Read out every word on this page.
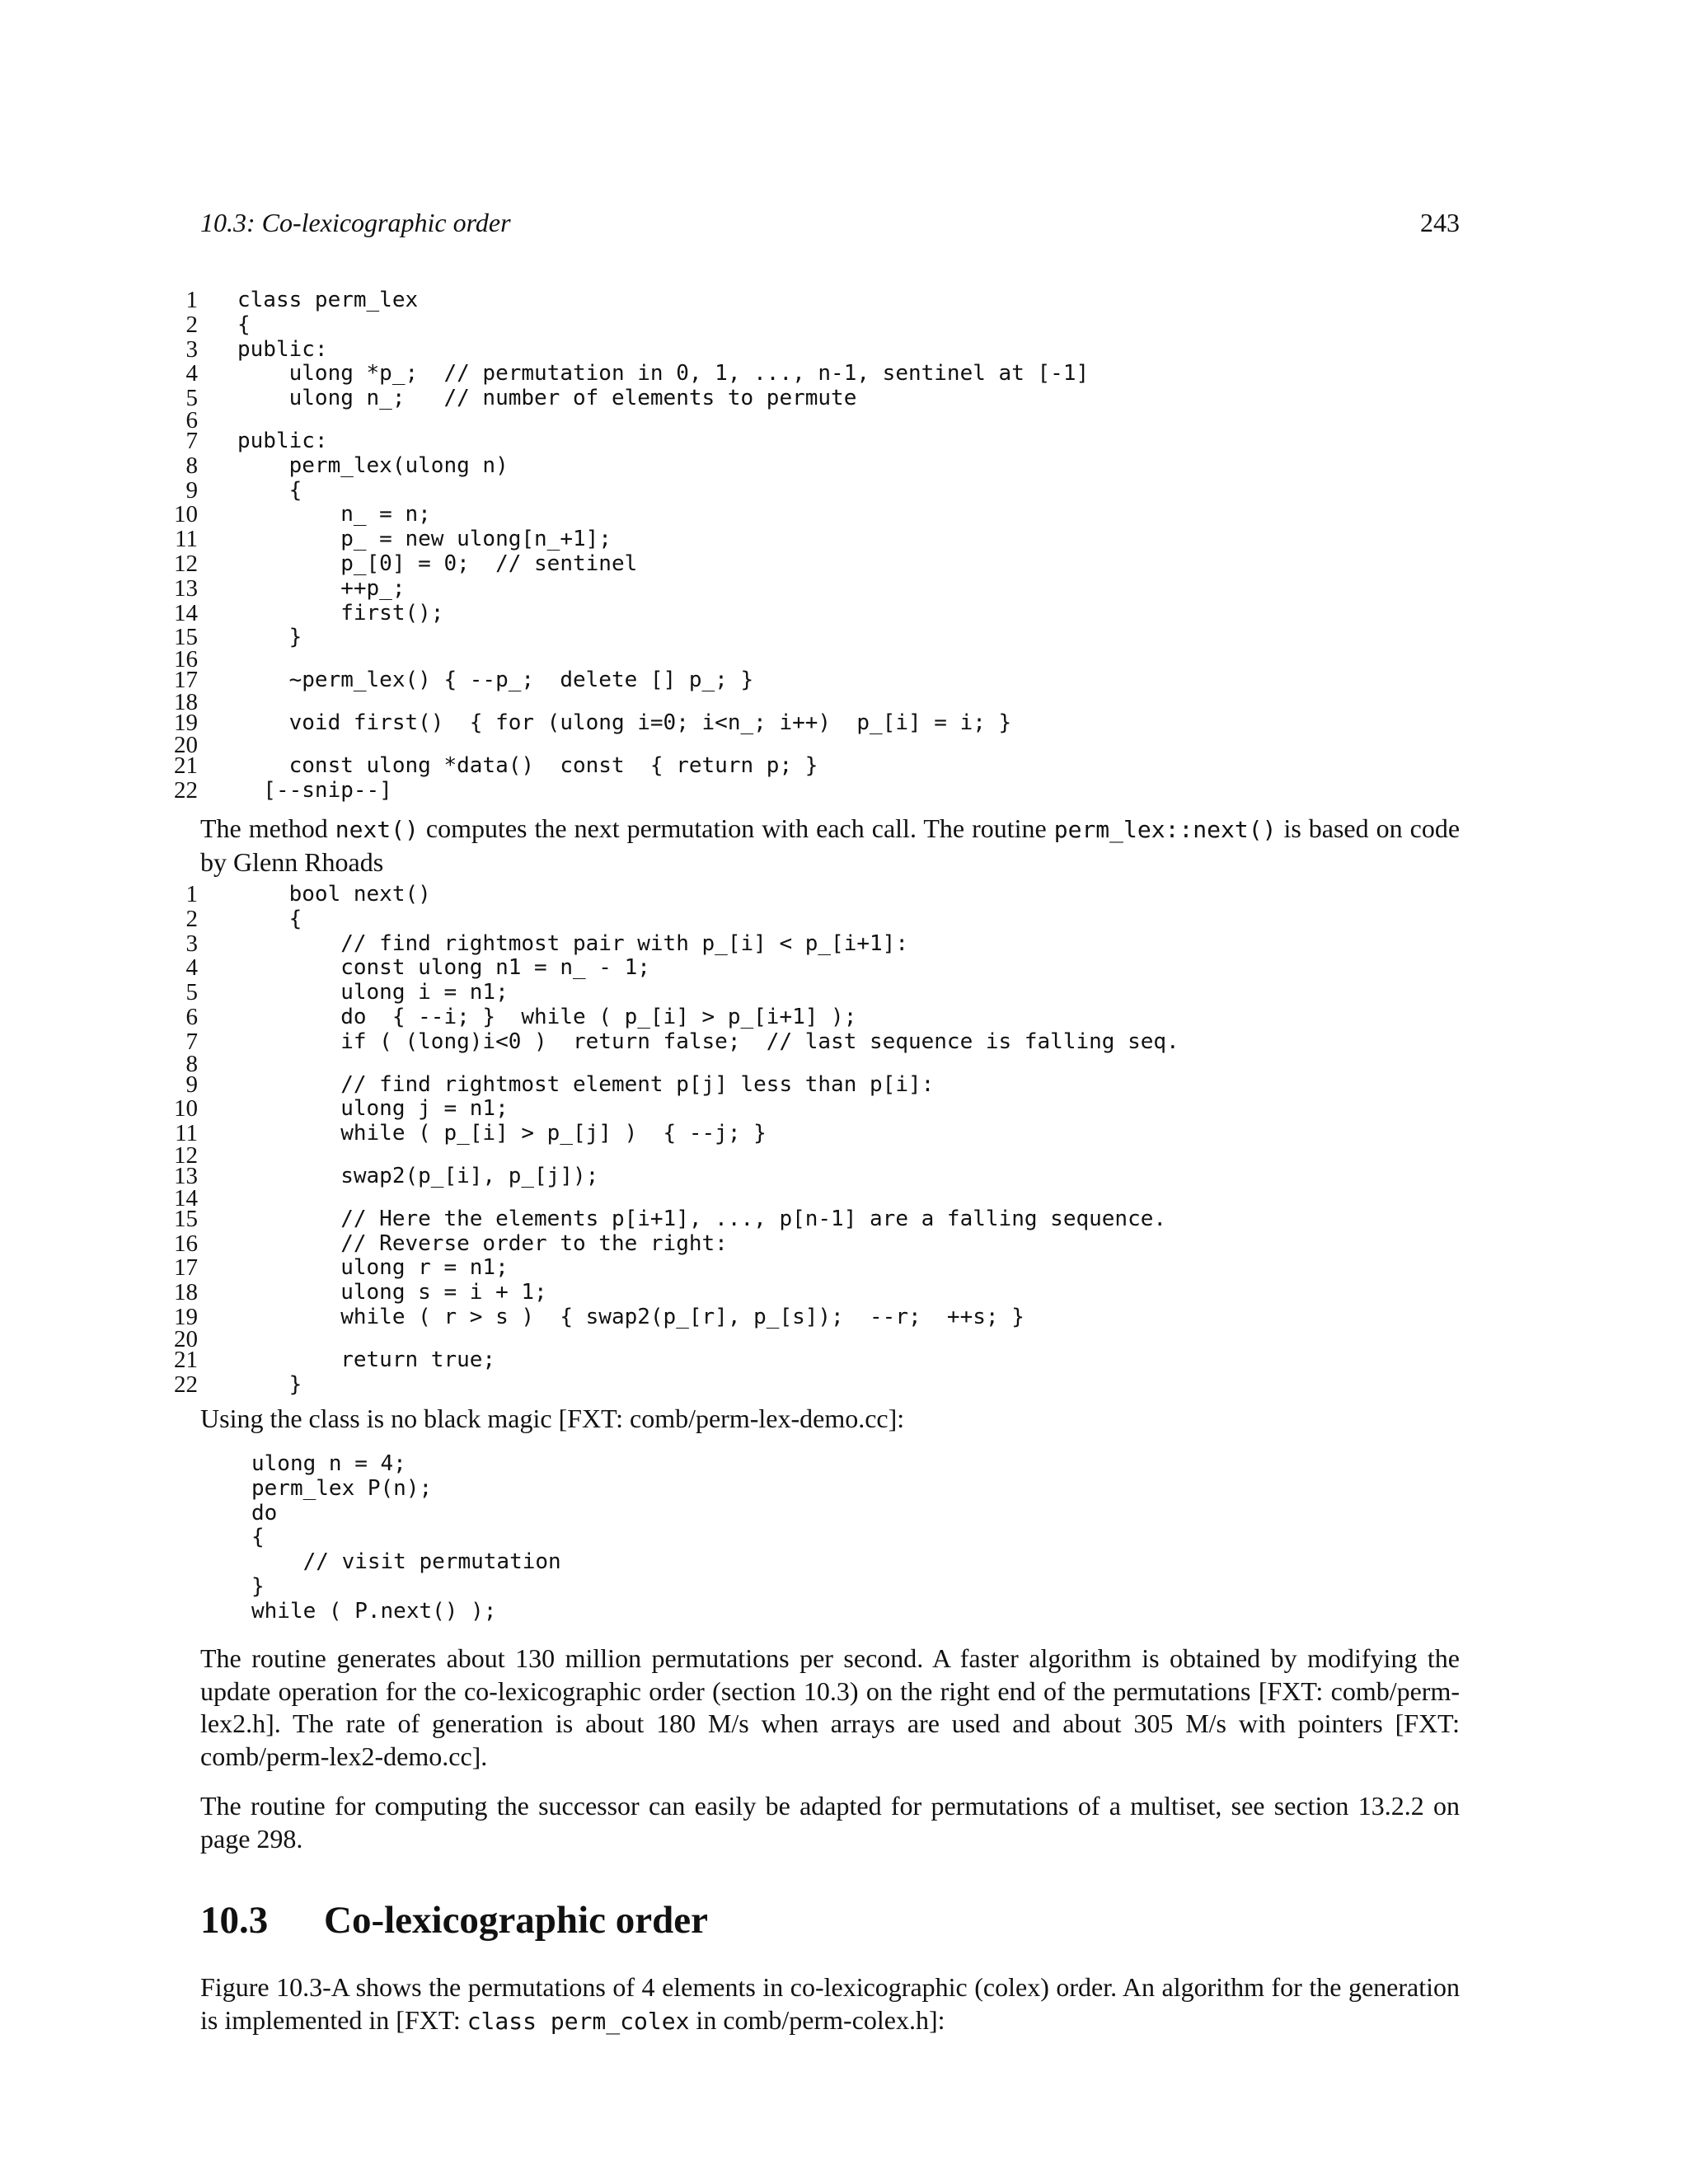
10.3: Co-lexicographic order	243
1 class perm_lex
2 {
3 public:
4 ulong *p_;  // permutation in 0, 1, ..., n-1, sentinel at [-1]
5 ulong n_;   // number of elements to permute
6
7 public:
8 perm_lex(ulong n)
9 {
10 n_ = n;
11 p_ = new ulong[n_+1];
12 p_[0] = 0;  // sentinel
13 ++p_;
14 first();
15 }
16
17 ~perm_lex() { --p_;  delete [] p_; }
18
19 void first()  { for (ulong i=0; i<n_; i++)  p_[i] = i; }
20
21 const ulong *data()  const  { return p; }
22 [--snip--]
The method next() computes the next permutation with each call. The routine perm_lex::next() is based on code by Glenn Rhoads
1 bool next()
2 {
3 // find rightmost pair with p_[i] < p_[i+1]:
4 const ulong n1 = n_ - 1;
5 ulong i = n1;
6 do  { --i; }  while ( p_[i] > p_[i+1] );
7 if ( (long)i<0 )  return false;  // last sequence is falling seq.
8
9 // find rightmost element p[j] less than p[i]:
10 ulong j = n1;
11 while ( p_[i] > p_[j] )  { --j; }
12
13 swap2(p_[i], p_[j]);
14
15 // Here the elements p[i+1], ..., p[n-1] are a falling sequence.
16 // Reverse order to the right:
17 ulong r = n1;
18 ulong s = i + 1;
19 while ( r > s )  { swap2(p_[r], p_[s]);  --r;  ++s; }
20
21 return true;
22 }
Using the class is no black magic [FXT: comb/perm-lex-demo.cc]:
ulong n = 4;
perm_lex P(n);
do
{
// visit permutation
}
while ( P.next() );
The routine generates about 130 million permutations per second. A faster algorithm is obtained by modifying the update operation for the co-lexicographic order (section 10.3) on the right end of the permutations [FXT: comb/perm-lex2.h]. The rate of generation is about 180 M/s when arrays are used and about 305 M/s with pointers [FXT: comb/perm-lex2-demo.cc].
The routine for computing the successor can easily be adapted for permutations of a multiset, see section 13.2.2 on page 298.
10.3 Co-lexicographic order
Figure 10.3-A shows the permutations of 4 elements in co-lexicographic (colex) order. An algorithm for the generation is implemented in [FXT: class perm_colex in comb/perm-colex.h]:
